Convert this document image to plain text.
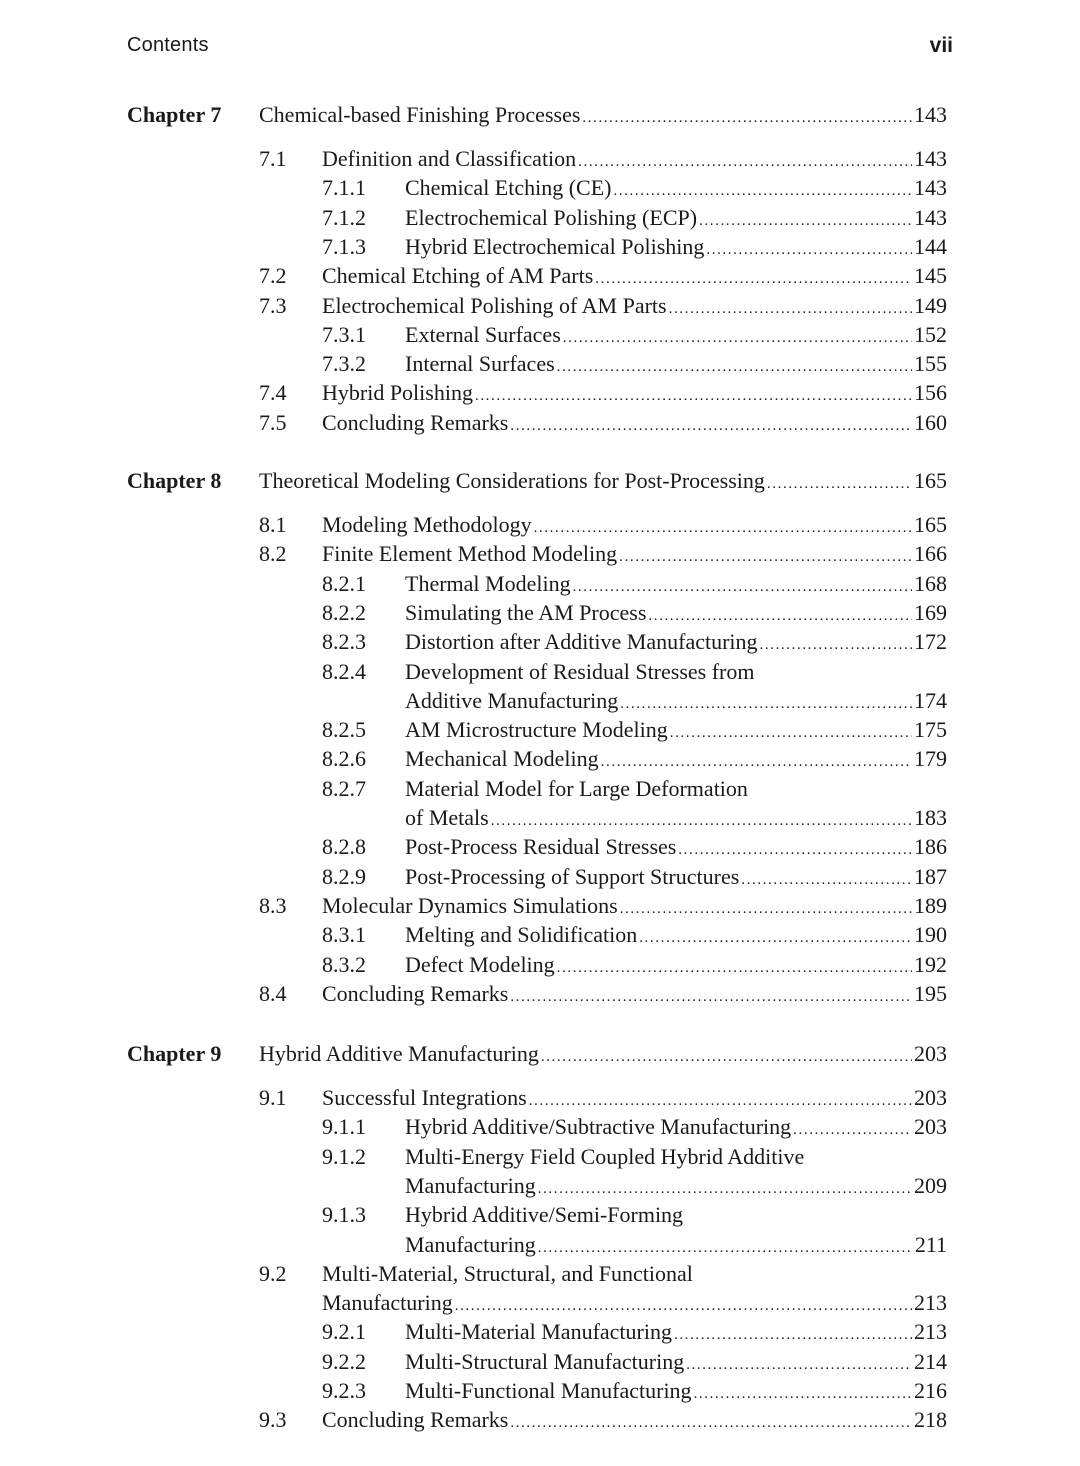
Contents	vii
Chapter 7 Chemical-based Finishing Processes .....	143
7.1 Definition and Classification .....	143
7.1.1 Chemical Etching (CE) .....	143
7.1.2 Electrochemical Polishing (ECP) .....	143
7.1.3 Hybrid Electrochemical Polishing .....	144
7.2 Chemical Etching of AM Parts .....	145
7.3 Electrochemical Polishing of AM Parts .....	149
7.3.1 External Surfaces .....	152
7.3.2 Internal Surfaces .....	155
7.4 Hybrid Polishing .....	156
7.5 Concluding Remarks .....	160
Chapter 8 Theoretical Modeling Considerations for Post-Processing .....	165
8.1 Modeling Methodology .....	165
8.2 Finite Element Method Modeling .....	166
8.2.1 Thermal Modeling .....	168
8.2.2 Simulating the AM Process .....	169
8.2.3 Distortion after Additive Manufacturing .....	172
8.2.4 Development of Residual Stresses from
Additive Manufacturing .....	174
8.2.5 AM Microstructure Modeling .....	175
8.2.6 Mechanical Modeling .....	179
8.2.7 Material Model for Large Deformation
of Metals .....	183
8.2.8 Post-Process Residual Stresses .....	186
8.2.9 Post-Processing of Support Structures .....	187
8.3 Molecular Dynamics Simulations .....	189
8.3.1 Melting and Solidification .....	190
8.3.2 Defect Modeling .....	192
8.4 Concluding Remarks .....	195
Chapter 9 Hybrid Additive Manufacturing .....	203
9.1 Successful Integrations .....	203
9.1.1 Hybrid Additive/Subtractive Manufacturing .....	203
9.1.2 Multi-Energy Field Coupled Hybrid Additive
Manufacturing .....	209
9.1.3 Hybrid Additive/Semi-Forming
Manufacturing .....	211
9.2 Multi-Material, Structural, and Functional
Manufacturing .....	213
9.2.1 Multi-Material Manufacturing .....	213
9.2.2 Multi-Structural Manufacturing .....	214
9.2.3 Multi-Functional Manufacturing .....	216
9.3 Concluding Remarks .....	218
